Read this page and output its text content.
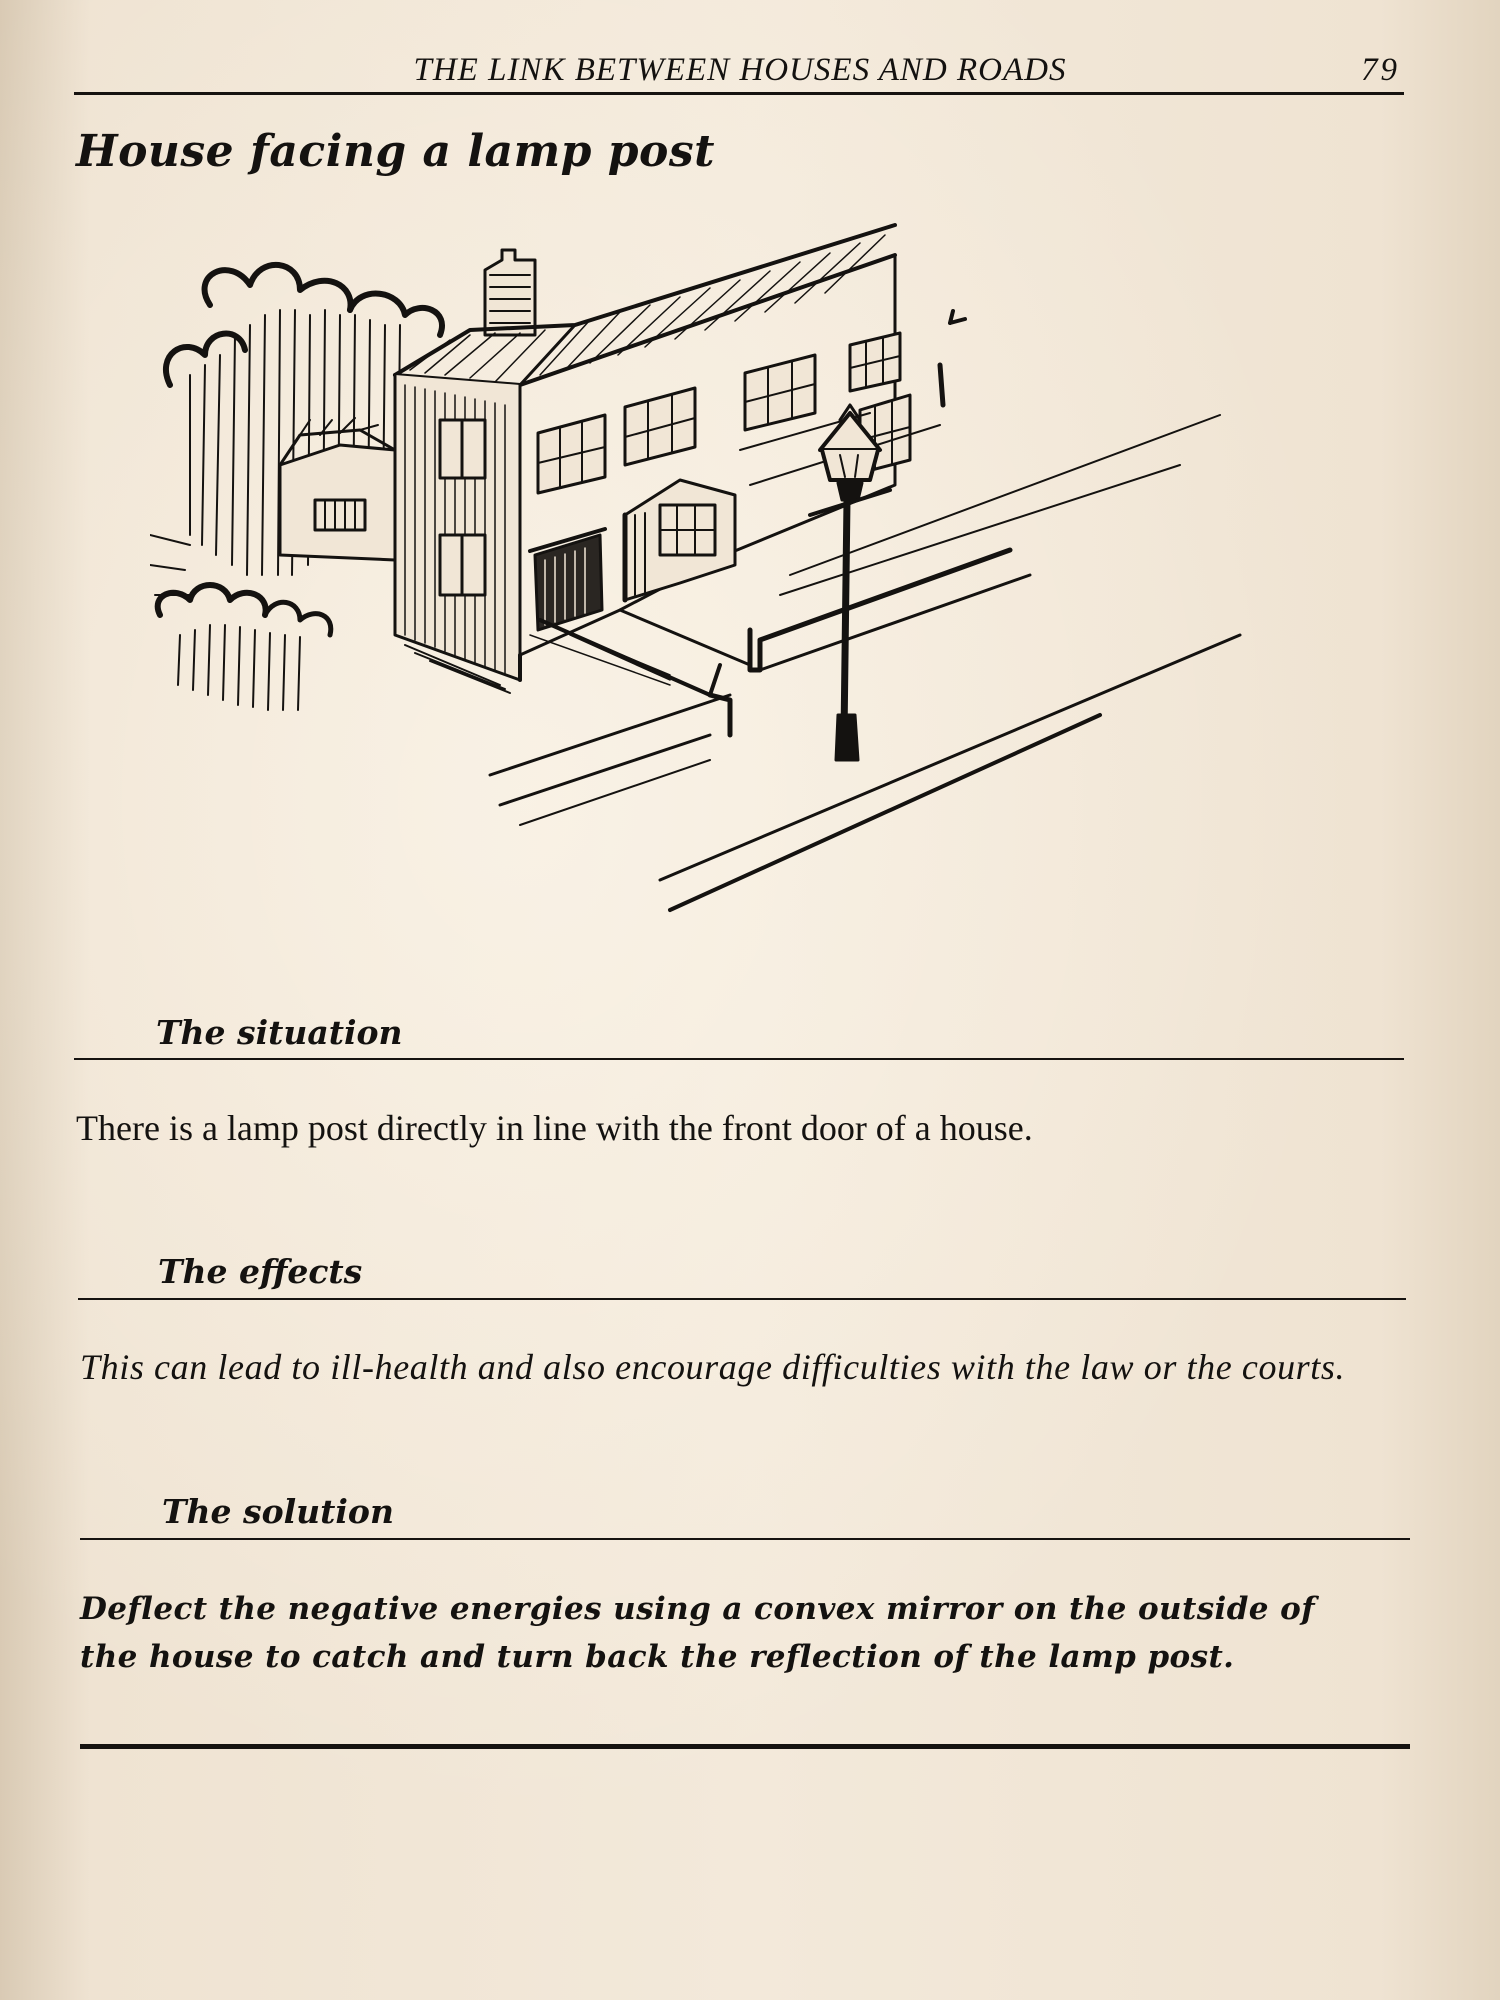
THE LINK BETWEEN HOUSES AND ROADS	79
House facing a lamp post
The situation
There is a lamp post directly in line with the front door of a house.
The effects
This can lead to ill-health and also encourage difficulties with the law or the courts.
The solution
Deflect the negative energies using a convex mirror on the outside of the house to catch and turn back the reflection of the lamp post.
